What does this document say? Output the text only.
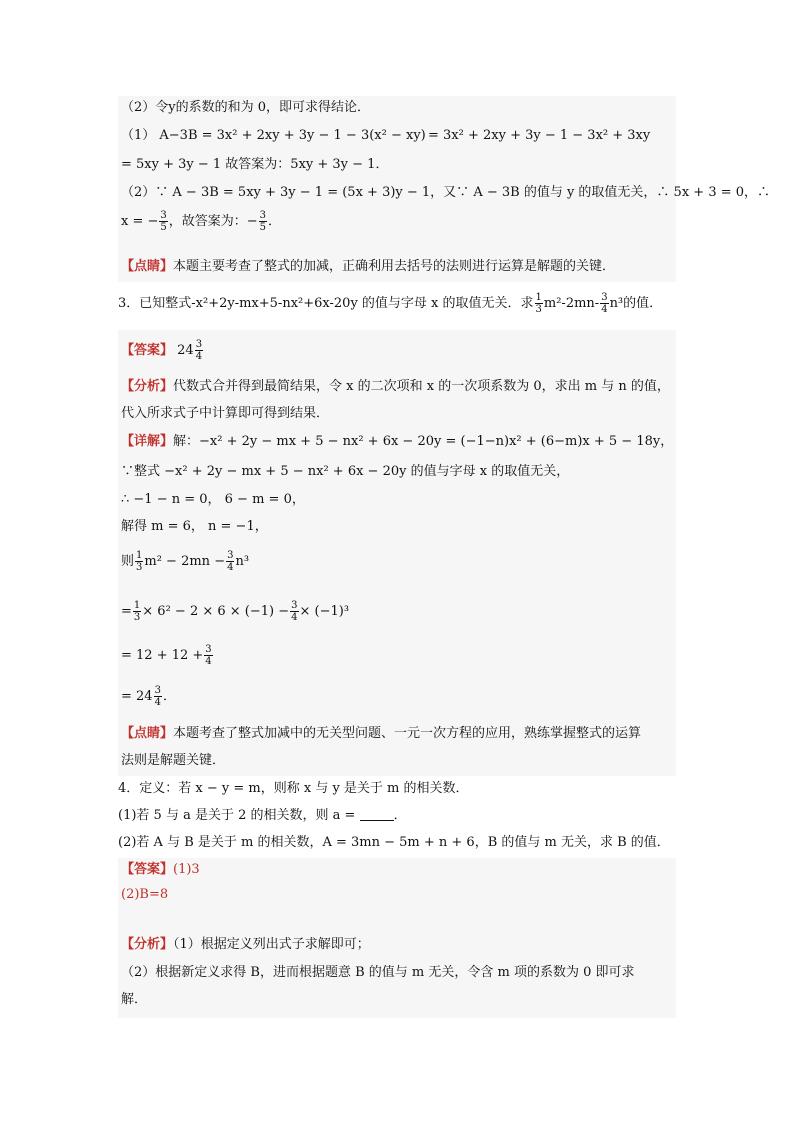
（2）令y的系数的和为 0，即可求得结论．
（1） A−3B = 3x² + 2xy + 3y − 1 − 3(x² − xy) = 3x² + 2xy + 3y − 1 − 3x² + 3xy
= 5xy + 3y − 1 故答案为：5xy + 3y − 1．
（2）∵ A − 3B = 5xy + 3y − 1 = (5x + 3)y − 1，又∵ A − 3B 的值与 y 的取值无关，∴ 5x + 3 = 0，∴
x = − $\frac{3}{5}$ ，故答案为：− $\frac{3}{5}$ ．
【点睛】本题主要考查了整式的加减，正确利用去括号的法则进行运算是解题的关键．
3．已知整式-x²+2y-mx+5-nx²+6x-20y 的值与字母 x 的取值无关．求 $\frac{1}{3} m^2-2mn- \frac{3}{4} n^3$的值．
【答案】 $24 \frac{3}{4}$
【分析】代数式合并得到最简结果，令 x 的二次项和 x 的一次项系数为 0，求出 m 与 n 的值，
代入所求式子中计算即可得到结果．
【详解】解：−x² + 2y − mx + 5 − nx² + 6x − 20y = (−1−n)x² + (6−m)x + 5 − 18y，
∵整式 −x² + 2y − mx + 5 − nx² + 6x − 20y 的值与字母 x 的取值无关，
∴ −1 − n = 0， 6 − m = 0，
解得 m = 6， n = −1，
则 $\frac{1}{3} m^2 - 2mn - \frac{3}{4} n^3$
= $\frac{1}{3} \times 6^2 - 2 \times 6 \times (-1) - \frac{3}{4} \times (-1)^3$
= $12 + 12 + \frac{3}{4}$
= $24 \frac{3}{4}$ ．
【点睛】本题考查了整式加减中的无关型问题、一元一次方程的应用，熟练掌握整式的运算
法则是解题关键．
4．定义：若 x − y = m，则称 x 与 y 是关于 m 的相关数．
(1)若 5 与 a 是关于 2 的相关数，则 a =	．
(2)若 A 与 B 是关于 m 的相关数，A = 3mn − 5m + n + 6，B 的值与 m 无关，求 B 的值．
【答案】(1)3
(2)B=8
【分析】（1）根据定义列出式子求解即可；
（2）根据新定义求得 B，进而根据题意 B 的值与 m 无关，令含 m 项的系数为 0 即可求
解．
